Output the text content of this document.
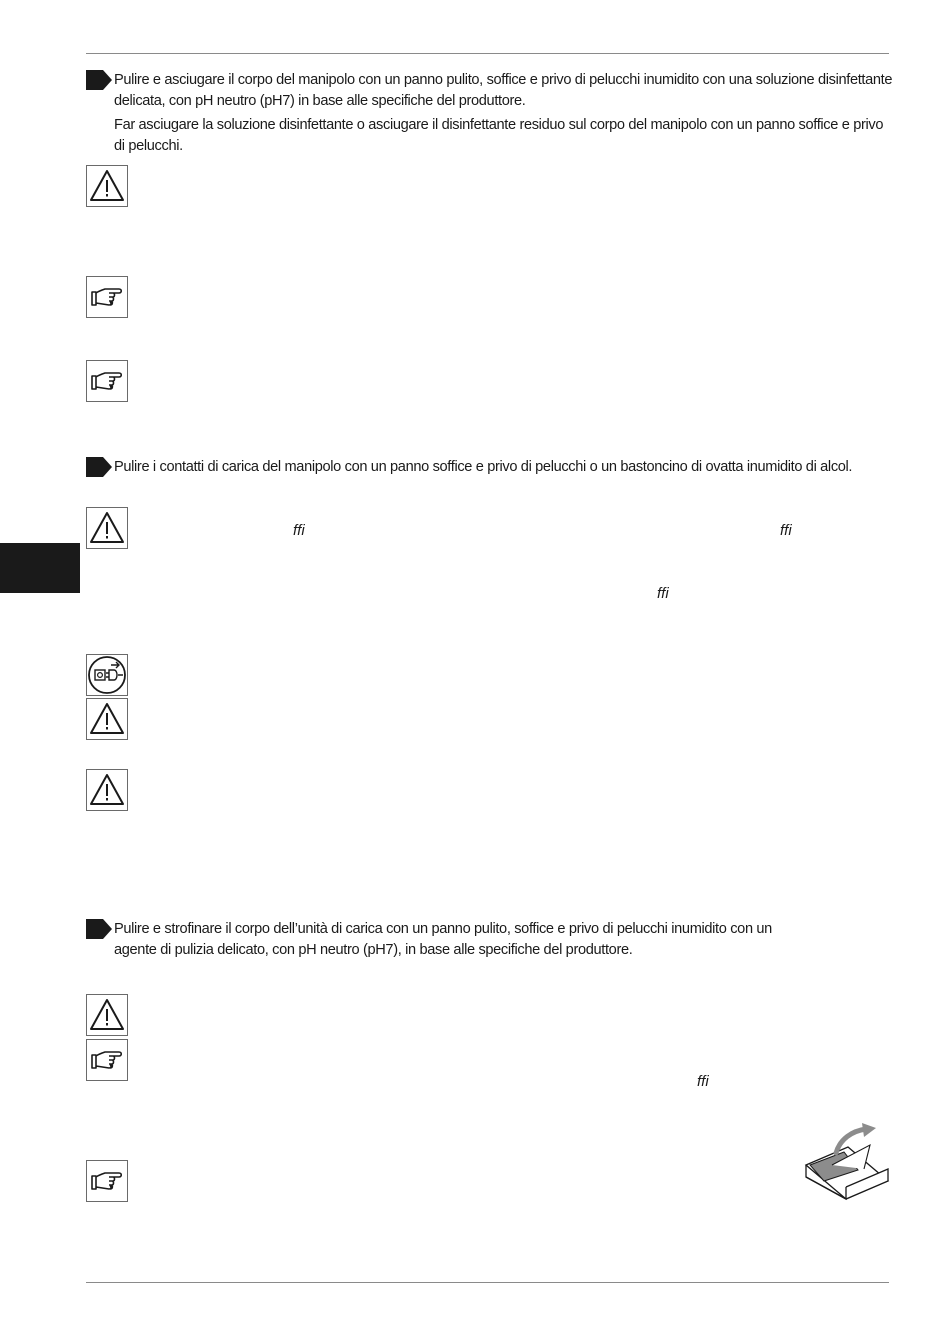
Pulire e asciugare il corpo del manipolo con un panno pulito, soffice e privo di pelucchi inumidito con una soluzione disinfettante delicata, con pH neutro (pH7) in base alle specifiche del produttore.
Far asciugare la soluzione disinfettante o asciugare il disinfettante residuo sul corpo del manipolo con un panno soffice e privo di pelucchi.
Pulire i contatti di carica del manipolo con un panno soffice e privo di pelucchi o un bastoncino di ovatta inumidito di alcol.
ffi	ffi
ffi
Pulire e strofinare il corpo dell’unità di carica con un panno pulito, soffice e privo di pelucchi inumidito con un agente di pulizia delicato, con pH neutro (pH7), in base alle specifiche del produttore.
ffi
